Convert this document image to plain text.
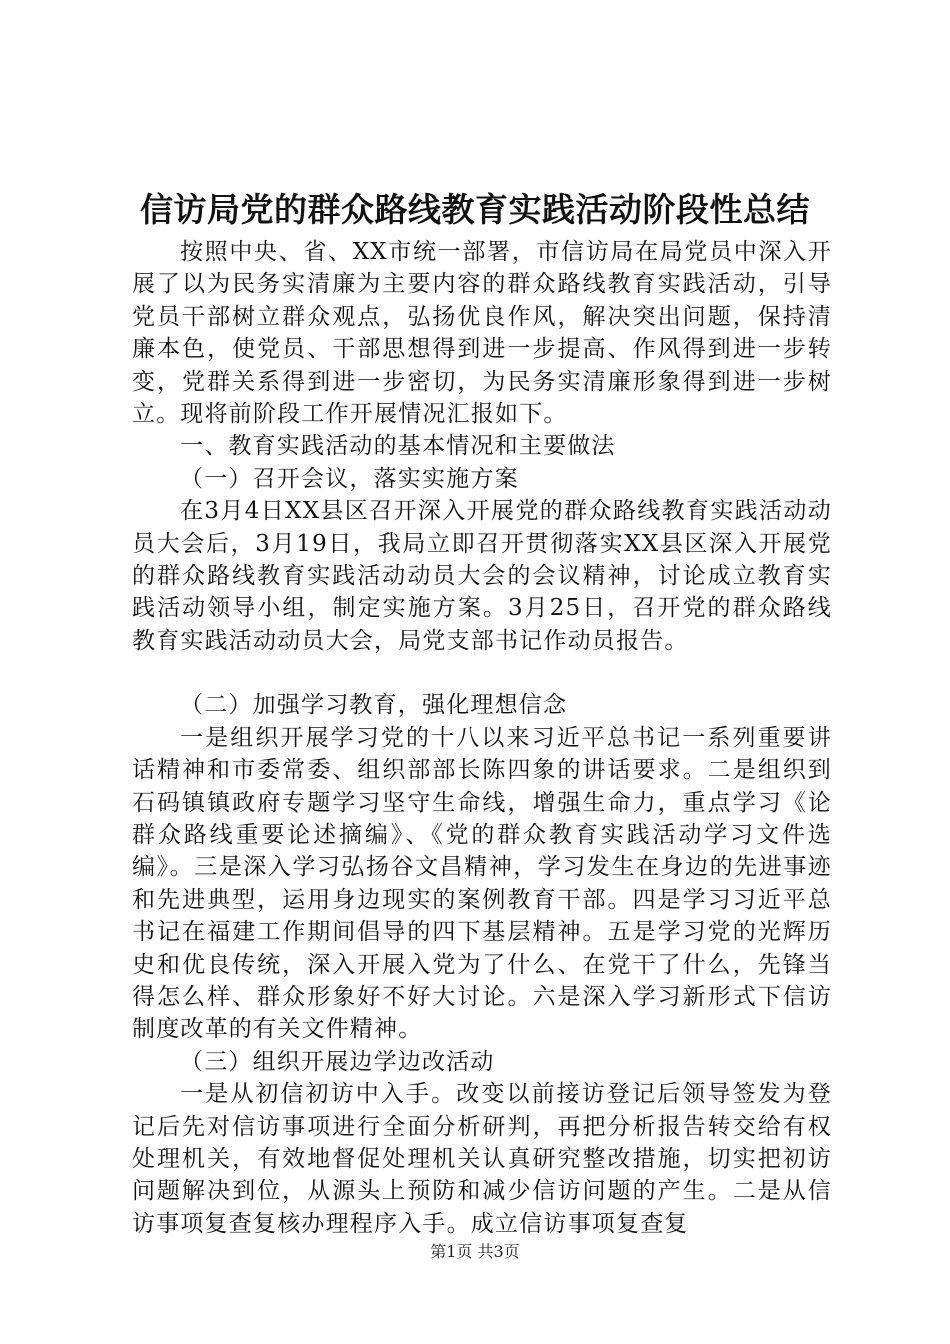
信访局党的群众路线教育实践活动阶段性总结

按照中央、省、XX市统一部署，市信访局在局党员中深入开展了以为民务实清廉为主要内容的群众路线教育实践活动，引导党员干部树立群众观点，弘扬优良作风，解决突出问题，保持清廉本色，使党员、干部思想得到进一步提高、作风得到进一步转变，党群关系得到进一步密切，为民务实清廉形象得到进一步树立。现将前阶段工作开展情况汇报如下。

一、教育实践活动的基本情况和主要做法

（一）召开会议，落实实施方案

在3月4日XX县区召开深入开展党的群众路线教育实践活动动员大会后，3月19日，我局立即召开贯彻落实XX县区深入开展党的群众路线教育实践活动动员大会的会议精神，讨论成立教育实践活动领导小组，制定实施方案。3月25日，召开党的群众路线教育实践活动动员大会，局党支部书记作动员报告。

（二）加强学习教育，强化理想信念

一是组织开展学习党的十八以来习近平总书记一系列重要讲话精神和市委常委、组织部部长陈四象的讲话要求。二是组织到石码镇镇政府专题学习坚守生命线，增强生命力，重点学习《论群众路线重要论述摘编》、《党的群众教育实践活动学习文件选编》。三是深入学习弘扬谷文昌精神，学习发生在身边的先进事迹和先进典型，运用身边现实的案例教育干部。四是学习习近平总书记在福建工作期间倡导的四下基层精神。五是学习党的光辉历史和优良传统，深入开展入党为了什么、在党干了什么，先锋当得怎么样、群众形象好不好大讨论。六是深入学习新形式下信访制度改革的有关文件精神。

（三）组织开展边学边改活动

一是从初信初访中入手。改变以前接访登记后领导签发为登记后先对信访事项进行全面分析研判，再把分析报告转交给有权处理机关，有效地督促处理机关认真研究整改措施，切实把初访问题解决到位，从源头上预防和减少信访问题的产生。二是从信访事项复查复核办理程序入手。成立信访事项复查复

第1页 共3页
